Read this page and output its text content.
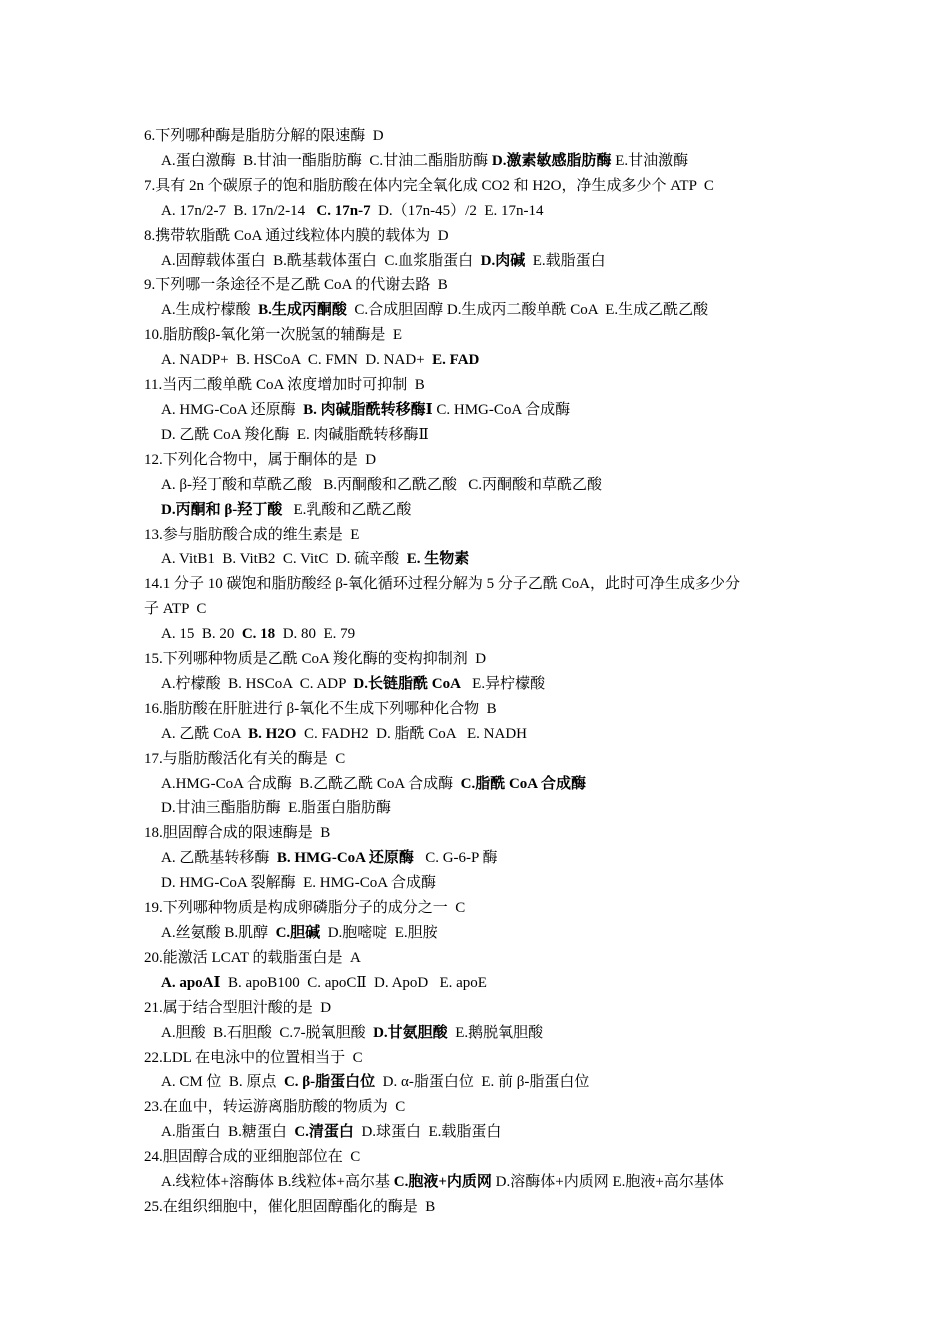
6.下列哪种酶是脂肪分解的限速酶  D

A.蛋白激酶  B.甘油一酯脂肪酶  C.甘油二酯脂肪酶 D.激素敏感脂肪酶 E.甘油激酶

7.具有 2n 个碳原子的饱和脂肪酸在体内完全氧化成 CO2 和 H2O，净生成多少个 ATP  C

A. 17n/2-7  B. 17n/2-14   C. 17n-7  D.（17n-45）/2  E. 17n-14

8.携带软脂酰 CoA 通过线粒体内膜的载体为  D

A.固醇载体蛋白  B.酰基载体蛋白  C.血浆脂蛋白  D.肉碱  E.载脂蛋白

9.下列哪一条途径不是乙酰 CoA 的代谢去路  B

A.生成柠檬酸  B.生成丙酮酸  C.合成胆固醇 D.生成丙二酸单酰 CoA  E.生成乙酰乙酸

10.脂肪酸β-氧化第一次脱氢的辅酶是  E

A. NADP+  B. HSCoA  C. FMN  D. NAD+  E. FAD

11.当丙二酸单酰 CoA 浓度增加时可抑制  B

A. HMG-CoA 还原酶  B. 肉碱脂酰转移酶Ⅰ C. HMG-CoA 合成酶

D. 乙酰 CoA 羧化酶  E. 肉碱脂酰转移酶Ⅱ

12.下列化合物中，属于酮体的是  D

A. β-羟丁酸和草酰乙酸   B.丙酮酸和乙酰乙酸   C.丙酮酸和草酰乙酸

D.丙酮和 β-羟丁酸   E.乳酸和乙酰乙酸

13.参与脂肪酸合成的维生素是  E

A. VitB1  B. VitB2  C. VitC  D. 硫辛酸  E. 生物素

14.1 分子 10 碳饱和脂肪酸经 β-氧化循环过程分解为 5 分子乙酰 CoA，此时可净生成多少分

子 ATP  C

A. 15  B. 20  C. 18  D. 80  E. 79

15.下列哪种物质是乙酰 CoA 羧化酶的变构抑制剂  D

A.柠檬酸  B. HSCoA  C. ADP  D.长链脂酰 CoA   E.异柠檬酸

16.脂肪酸在肝脏进行 β-氧化不生成下列哪种化合物  B

A. 乙酰 CoA  B. H2O  C. FADH2  D. 脂酰 CoA   E. NADH

17.与脂肪酸活化有关的酶是  C

A.HMG-CoA 合成酶  B.乙酰乙酰 CoA 合成酶  C.脂酰 CoA 合成酶

D.甘油三酯脂肪酶  E.脂蛋白脂肪酶

18.胆固醇合成的限速酶是  B

A. 乙酰基转移酶  B. HMG-CoA 还原酶   C. G-6-P 酶

D. HMG-CoA 裂解酶  E. HMG-CoA 合成酶

19.下列哪种物质是构成卵磷脂分子的成分之一  C

A.丝氨酸 B.肌醇  C.胆碱  D.胞嘧啶  E.胆胺

20.能激活 LCAT 的载脂蛋白是  A

A. apoAⅠ  B. apoB100  C. apoCⅡ  D. ApoD   E. apoE

21.属于结合型胆汁酸的是  D

A.胆酸  B.石胆酸  C.7-脱氧胆酸  D.甘氨胆酸  E.鹅脱氧胆酸

22.LDL 在电泳中的位置相当于  C

A. CM 位  B. 原点  C. β-脂蛋白位  D. α-脂蛋白位  E. 前 β-脂蛋白位

23.在血中，转运游离脂肪酸的物质为  C

A.脂蛋白  B.糖蛋白  C.清蛋白  D.球蛋白  E.载脂蛋白

24.胆固醇合成的亚细胞部位在  C

A.线粒体+溶酶体 B.线粒体+高尔基 C.胞液+内质网 D.溶酶体+内质网 E.胞液+高尔基体

25.在组织细胞中，催化胆固醇酯化的酶是  B
